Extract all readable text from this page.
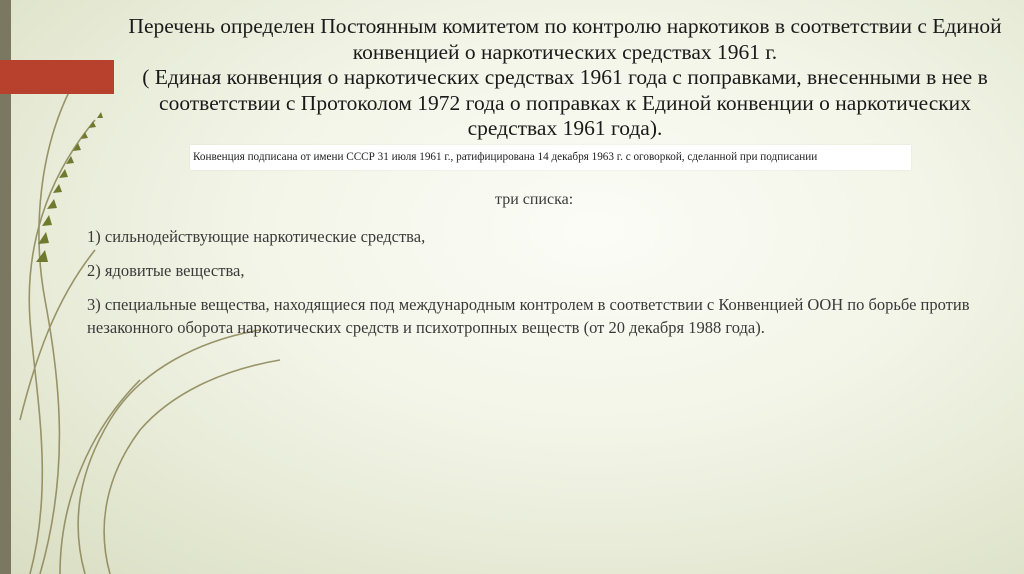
Перечень определен Постоянным комитетом по контролю наркотиков в соответствии с Единой

конвенцией о наркотических средствах 1961 г.

( Единая конвенция о наркотических средствах 1961 года с поправками, внесенными в нее в

соответствии с Протоколом 1972 года о поправках к Единой конвенции о наркотических

средствах 1961 года).

Конвенция подписана от имени СССР 31 июля 1961 г., ратифицирована 14 декабря 1963 г. с оговоркой, сделанной при подписании
три списка:

1) сильнодействующие наркотические средства,

2) ядовитые вещества,

3) специальные вещества, находящиеся под международным контролем в соответствии с Конвенцией ООН по борьбе против незаконного оборота наркотических средств и психотропных веществ (от 20 декабря 1988 года).
